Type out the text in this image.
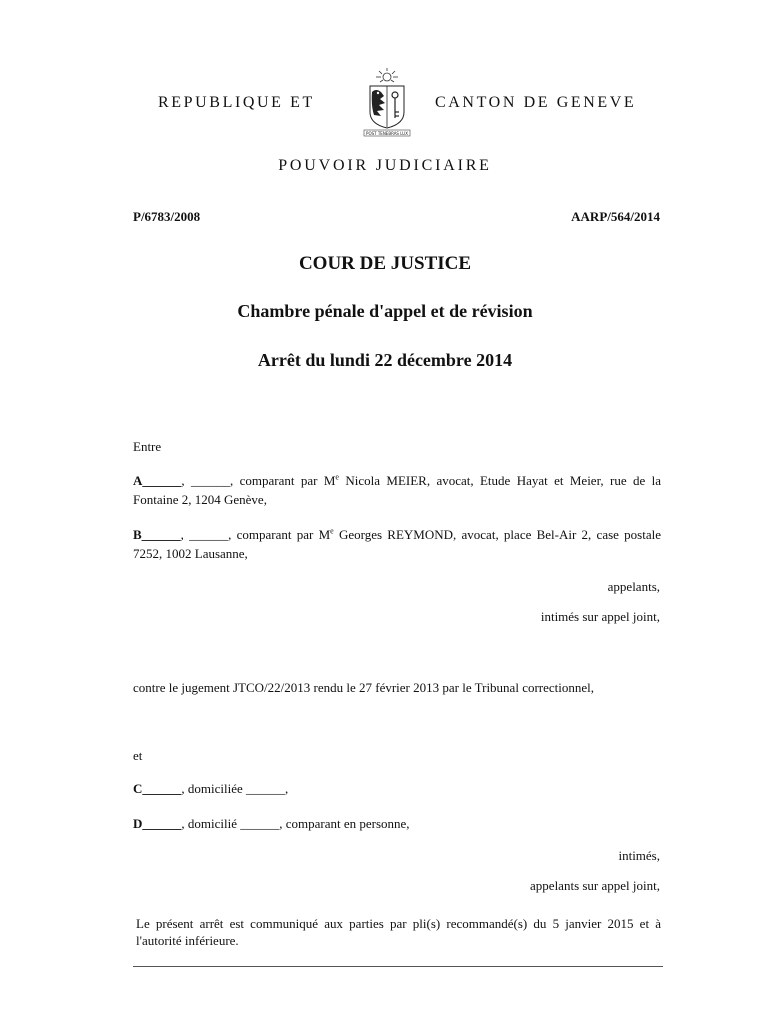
REPUBLIQUE ET
POST TENEBRAS LUX
CANTON DE GENEVE
POUVOIR JUDICIAIRE
P/6783/2008	AARP/564/2014
COUR DE JUSTICE
Chambre pénale d'appel et de révision
Arrêt du lundi 22 décembre 2014
Entre
A______, ______, comparant par Me Nicola MEIER, avocat, Etude Hayat et Meier, rue de la Fontaine 2, 1204 Genève,
B______, ______, comparant par Me Georges REYMOND, avocat, place Bel-Air 2, case postale 7252, 1002 Lausanne,
appelants,
intimés sur appel joint,
contre le jugement JTCO/22/2013 rendu le 27 février 2013 par le Tribunal correctionnel,
et
C______, domiciliée ______,
D______, domicilié ______, comparant en personne,
intimés,
appelants sur appel joint,
Le présent arrêt est communiqué aux parties par pli(s) recommandé(s) du 5 janvier 2015 et à l'autorité inférieure.
